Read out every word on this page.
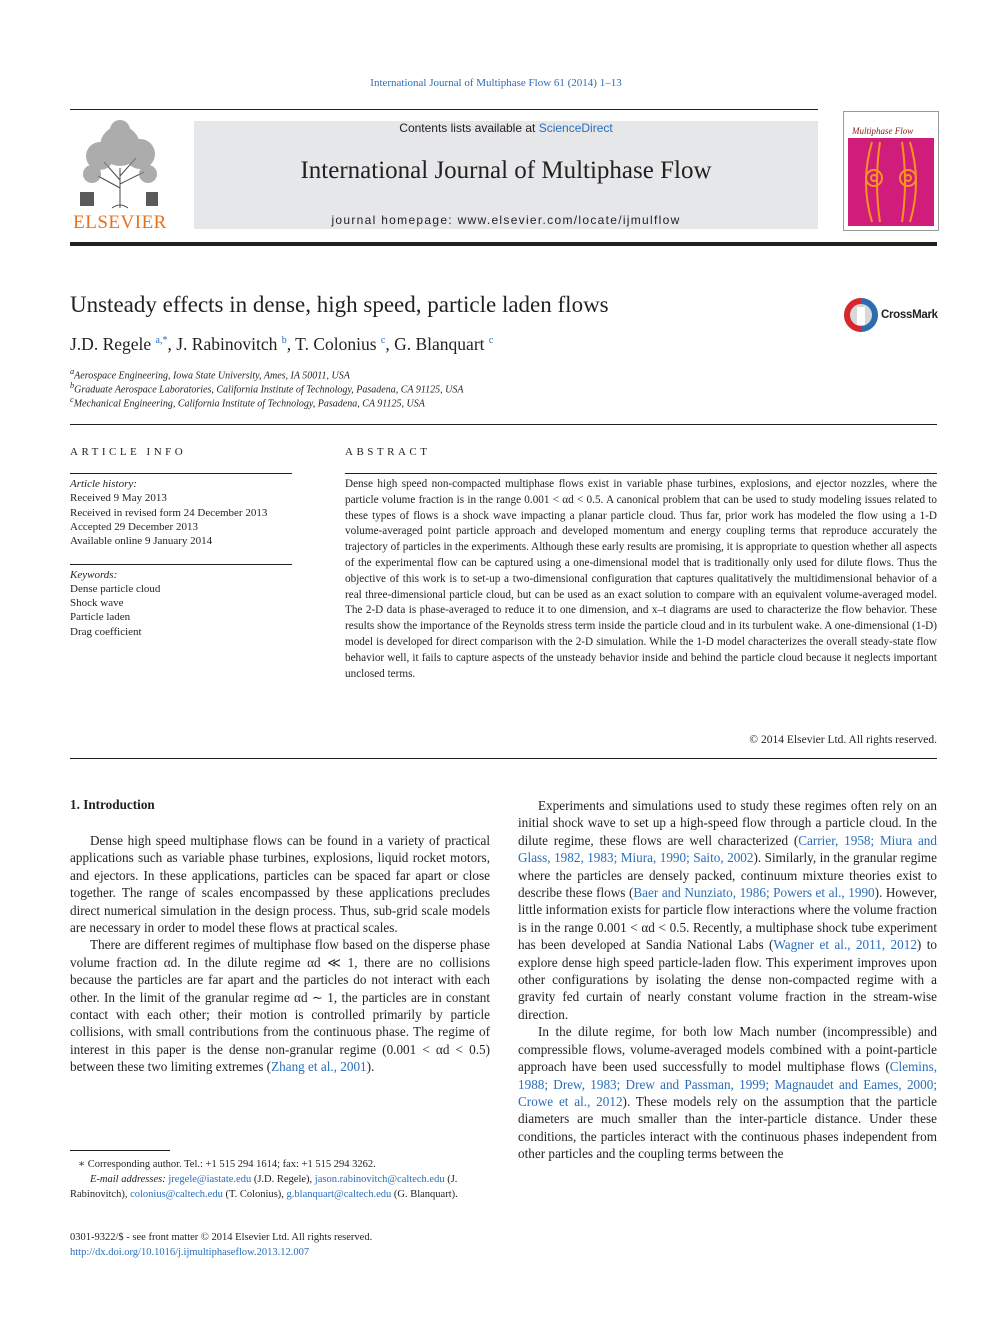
International Journal of Multiphase Flow 61 (2014) 1–13
ELSEVIER
Contents lists available at ScienceDirect
International Journal of Multiphase Flow
journal homepage: www.elsevier.com/locate/ijmulflow
Multiphase Flow
Unsteady effects in dense, high speed, particle laden flows	CrossMark
J.D. Regele $^{a,*}$, J. Rabinovitch $^b$, T. Colonius $^c$, G. Blanquart $^c$
$^a$Aerospace Engineering, Iowa State University, Ames, IA 50011, USA
$^b$Graduate Aerospace Laboratories, California Institute of Technology, Pasadena, CA 91125, USA
$^c$Mechanical Engineering, California Institute of Technology, Pasadena, CA 91125, USA
ARTICLE INFO
Article history:
Received 9 May 2013
Received in revised form 24 December 2013
Accepted 29 December 2013
Available online 9 January 2014
Keywords:
Dense particle cloud
Shock wave
Particle laden
Drag coefficient
ABSTRACT
Dense high speed non-compacted multiphase flows exist in variable phase turbines, explosions, and ejector nozzles, where the particle volume fraction is in the range 0.001 < αd < 0.5. A canonical problem that can be used to study modeling issues related to these types of flows is a shock wave impacting a planar particle cloud. Thus far, prior work has modeled the flow using a 1-D volume-averaged point particle approach and developed momentum and energy coupling terms that reproduce accurately the trajectory of particles in the experiments. Although these early results are promising, it is appropriate to question whether all aspects of the experimental flow can be captured using a one-dimensional model that is traditionally only used for dilute flows. Thus the objective of this work is to set-up a two-dimensional configuration that captures qualitatively the multidimensional behavior of a real three-dimensional particle cloud, but can be used as an exact solution to compare with an equivalent volume-averaged model. The 2-D data is phase-averaged to reduce it to one dimension, and x–t diagrams are used to characterize the flow behavior. These results show the importance of the Reynolds stress term inside the particle cloud and in its turbulent wake. A one-dimensional (1-D) model is developed for direct comparison with the 2-D simulation. While the 1-D model characterizes the overall steady-state flow behavior well, it fails to capture aspects of the unsteady behavior inside and behind the particle cloud because it neglects important unclosed terms.
© 2014 Elsevier Ltd. All rights reserved.
1. Introduction

Dense high speed multiphase flows can be found in a variety of practical applications such as variable phase turbines, explosions, liquid rocket motors, and ejectors. In these applications, particles can be spaced far apart or close together. The range of scales encompassed by these applications precludes direct numerical simulation in the design process. Thus, sub-grid scale models are necessary in order to model these flows at practical scales.

There are different regimes of multiphase flow based on the disperse phase volume fraction αd. In the dilute regime αd ≪ 1, there are no collisions because the particles are far apart and the particles do not interact with each other. In the limit of the granular regime αd ∼ 1, the particles are in constant contact with each other; their motion is controlled primarily by particle collisions, with small contributions from the continuous phase. The regime of interest in this paper is the dense non-granular regime (0.001 < αd < 0.5) between these two limiting extremes (Zhang et al., 2001).

Experiments and simulations used to study these regimes often rely on an initial shock wave to set up a high-speed flow through a particle cloud. In the dilute regime, these flows are well characterized (Carrier, 1958; Miura and Glass, 1982, 1983; Miura, 1990; Saito, 2002). Similarly, in the granular regime where the particles are densely packed, continuum mixture theories exist to describe these flows (Baer and Nunziato, 1986; Powers et al., 1990). However, little information exists for particle flow interactions where the volume fraction is in the range 0.001 < αd < 0.5. Recently, a multiphase shock tube experiment has been developed at Sandia National Labs (Wagner et al., 2011, 2012) to explore dense high speed particle-laden flow. This experiment improves upon other configurations by isolating the dense non-compacted regime with a gravity fed curtain of nearly constant volume fraction in the stream-wise direction.

In the dilute regime, for both low Mach number (incompressible) and compressible flows, volume-averaged models combined with a point-particle approach have been used successfully to model multiphase flows (Clemins, 1988; Drew, 1983; Drew and Passman, 1999; Magnaudet and Eames, 2000; Crowe et al., 2012). These models rely on the assumption that the particle diameters are much smaller than the inter-particle distance. Under these conditions, the particles interact with the continuous phases independent from other particles and the coupling terms between the

∗ Corresponding author. Tel.: +1 515 294 1614; fax: +1 515 294 3262.
E-mail addresses: jregele@iastate.edu (J.D. Regele), jason.rabinovitch@caltech.edu (J. Rabinovitch), colonius@caltech.edu (T. Colonius), g.blanquart@caltech.edu (G. Blanquart).
0301-9322/$ - see front matter © 2014 Elsevier Ltd. All rights reserved.
http://dx.doi.org/10.1016/j.ijmultiphaseflow.2013.12.007
